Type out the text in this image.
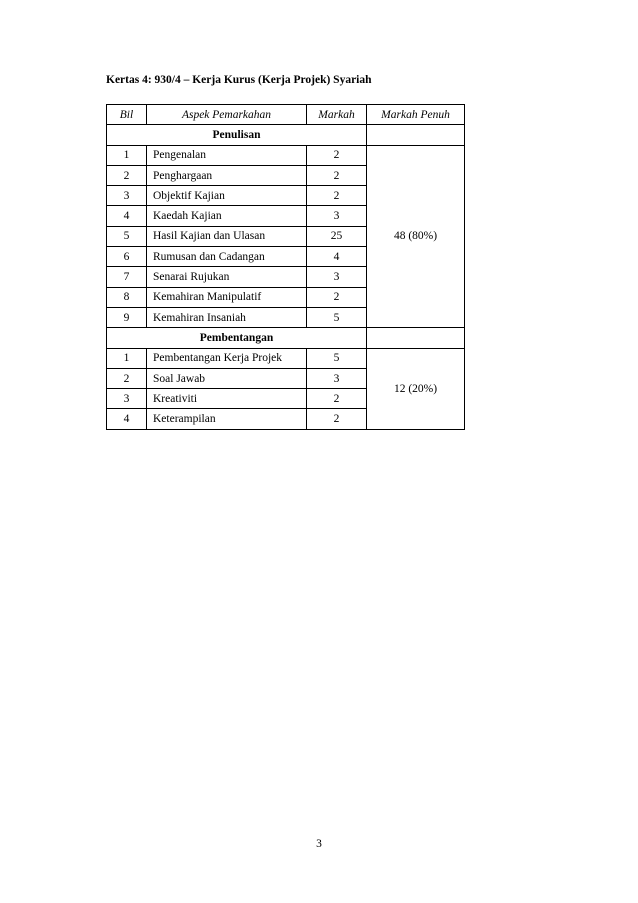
Kertas 4: 930/4 – Kerja Kurus (Kerja Projek) Syariah
Bil	Aspek Pemarkahan	Markah	Markah Penuh
Penulisan			
1	Pengenalan	2	48 (80%)
2	Penghargaan	2	
3	Objektif Kajian	2	
4	Kaedah Kajian	3	
5	Hasil Kajian dan Ulasan	25	
6	Rumusan dan Cadangan	4	
7	Senarai Rujukan	3	
8	Kemahiran Manipulatif	2	
9	Kemahiran Insaniah	5	
Pembentangan			
1	Pembentangan Kerja Projek	5	12 (20%)
2	Soal Jawab	3	
3	Kreativiti	2	
4	Keterampilan	2	
3
